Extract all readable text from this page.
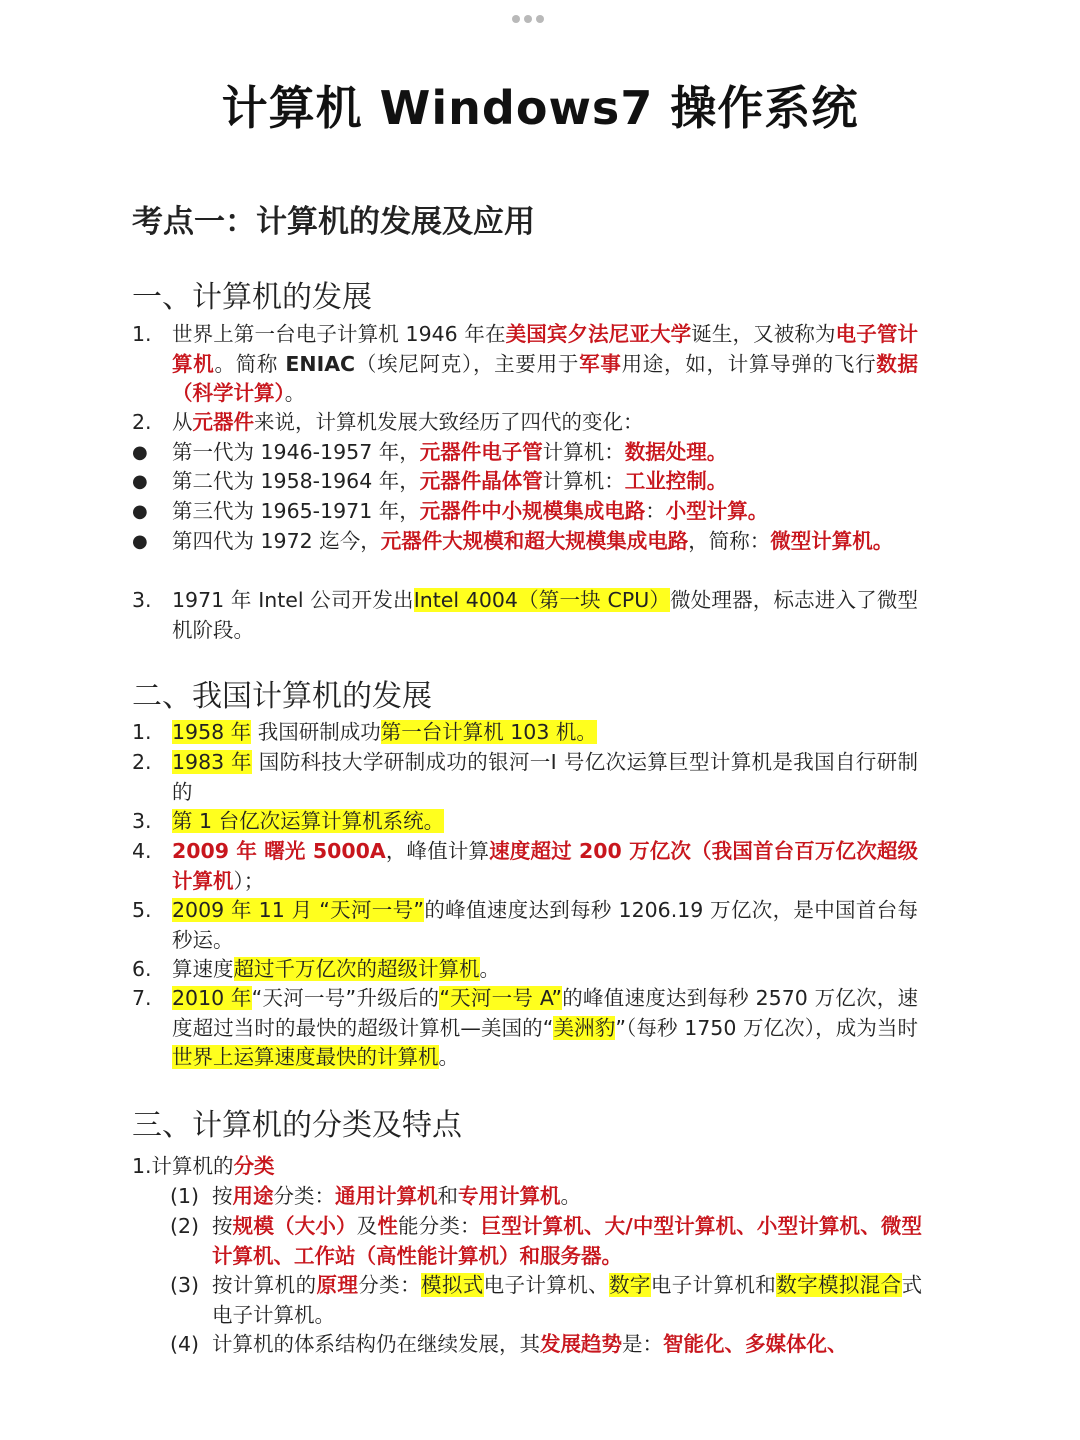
计算机 Windows7 操作系统
考点一：计算机的发展及应用
一、计算机的发展
1. 世界上第一台电子计算机 1946 年在美国宾夕法尼亚大学诞生，又被称为电子管计算机。简称 ENIAC（埃尼阿克），主要用于军事用途，如，计算导弹的飞行数据（科学计算）。
2. 从元器件来说，计算机发展大致经历了四代的变化：
● 第一代为 1946-1957 年，元器件电子管计算机：数据处理。
● 第二代为 1958-1964 年，元器件晶体管计算机：工业控制。
● 第三代为 1965-1971 年，元器件中小规模集成电路：小型计算。
● 第四代为 1972 迄今，元器件大规模和超大规模集成电路，简称：微型计算机。
3. 1971 年 Intel 公司开发出Intel 4004（第一块 CPU）微处理器，标志进入了微型机阶段。
二、我国计算机的发展
1. 1958 年 我国研制成功第一台计算机 103 机。
2. 1983 年 国防科技大学研制成功的银河一Ⅰ 号亿次运算巨型计算机是我国自行研制的
3. 第 1 台亿次运算计算机系统。
4. 2009 年 曙光 5000A，峰值计算速度超过 200 万亿次（我国首台百万亿次超级计算机）；
5. 2009 年 11 月 “天河一号”的峰值速度达到每秒 1206.19 万亿次，是中国首台每秒运。
6. 算速度超过千万亿次的超级计算机。
7. 2010 年“天河一号”升级后的“天河一号 A”的峰值速度达到每秒 2570 万亿次，速度超过当时的最快的超级计算机—美国的“美洲豹”（每秒 1750 万亿次），成为当时世界上运算速度最快的计算机。
三、计算机的分类及特点
1.计算机的分类
(1) 按用途分类：通用计算机和专用计算机。
(2) 按规模（大小）及性能分类：巨型计算机、大/中型计算机、小型计算机、微型计算机、工作站（高性能计算机）和服务器。
(3) 按计算机的原理分类：模拟式电子计算机、数字电子计算机和数字模拟混合式电子计算机。
(4) 计算机的体系结构仍在继续发展，其发展趋势是：智能化、多媒体化、
